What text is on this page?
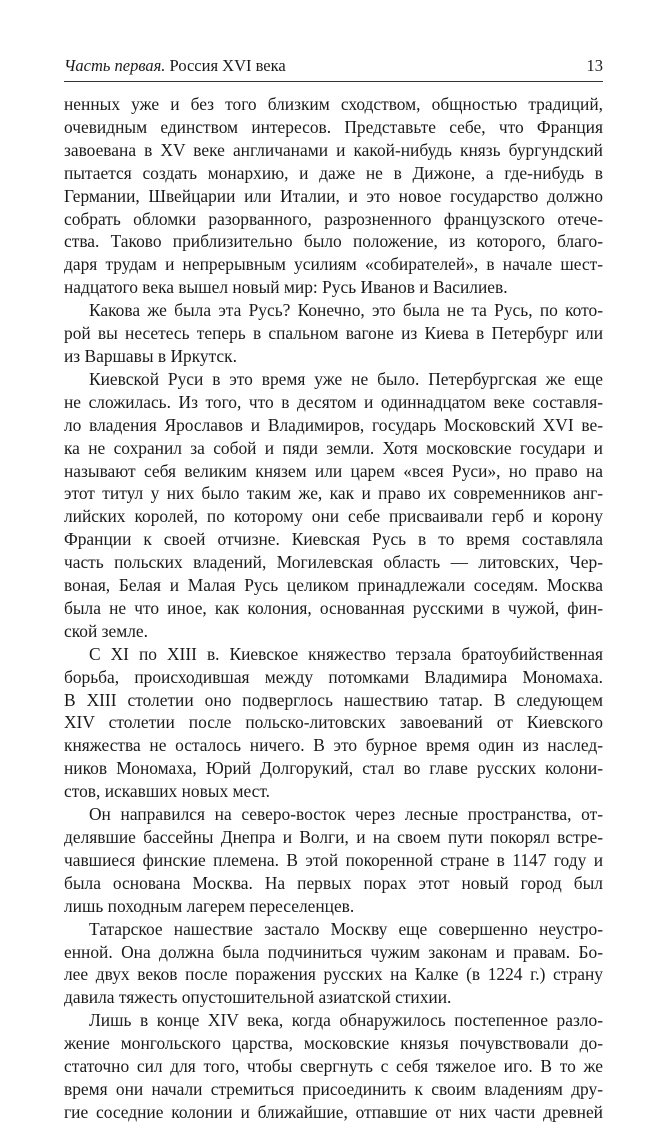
Часть первая. Россия XVI века	13

ненных уже и без того близким сходством, общностью традиций,
очевидным единством интересов. Представьте себе, что Франция
завоевана в XV веке англичанами и какой-нибудь князь бургундский
пытается создать монархию, и даже не в Дижоне, а где-нибудь в
Германии, Швейцарии или Италии, и это новое государство должно
собрать обломки разорванного, разрозненного французского отече-
ства. Таково приблизительно было положение, из которого, благо-
даря трудам и непрерывным усилиям «собирателей», в начале шест-
надцатого века вышел новый мир: Русь Иванов и Василиев.

Какова же была эта Русь? Конечно, это была не та Русь, по кото-
рой вы несетесь теперь в спальном вагоне из Киева в Петербург или
из Варшавы в Иркутск.

Киевской Руси в это время уже не было. Петербургская же еще
не сложилась. Из того, что в десятом и одиннадцатом веке составля-
ло владения Ярославов и Владимиров, государь Московский XVI ве-
ка не сохранил за собой и пяди земли. Хотя московские государи и
называют себя великим князем или царем «всея Руси», но право на
этот титул у них было таким же, как и право их современников анг-
лийских королей, по которому они себе присваивали герб и корону
Франции к своей отчизне. Киевская Русь в то время составляла
часть польских владений, Могилевская область — литовских, Чер-
воная, Белая и Малая Русь целиком принадлежали соседям. Москва
была не что иное, как колония, основанная русскими в чужой, фин-
ской земле.

С XI по XIII в. Киевское княжество терзала братоубийственная
борьба, происходившая между потомками Владимира Мономаха.
В XIII столетии оно подверглось нашествию татар. В следующем
XIV столетии после польско-литовских завоеваний от Киевского
княжества не осталось ничего. В это бурное время один из наслед-
ников Мономаха, Юрий Долгорукий, стал во главе русских колони-
стов, искавших новых мест.

Он направился на северо-восток через лесные пространства, от-
делявшие бассейны Днепра и Волги, и на своем пути покорял встре-
чавшиеся финские племена. В этой покоренной стране в 1147 году и
была основана Москва. На первых порах этот новый город был
лишь походным лагерем переселенцев.

Татарское нашествие застало Москву еще совершенно неустро-
енной. Она должна была подчиниться чужим законам и правам. Бо-
лее двух веков после поражения русских на Калке (в 1224 г.) страну
давила тяжесть опустошительной азиатской стихии.

Лишь в конце XIV века, когда обнаружилось постепенное разло-
жение монгольского царства, московские князья почувствовали до-
статочно сил для того, чтобы свергнуть с себя тяжелое иго. В то же
время они начали стремиться присоединить к своим владениям дру-
гие соседние колонии и ближайшие, отпавшие от них части древней
